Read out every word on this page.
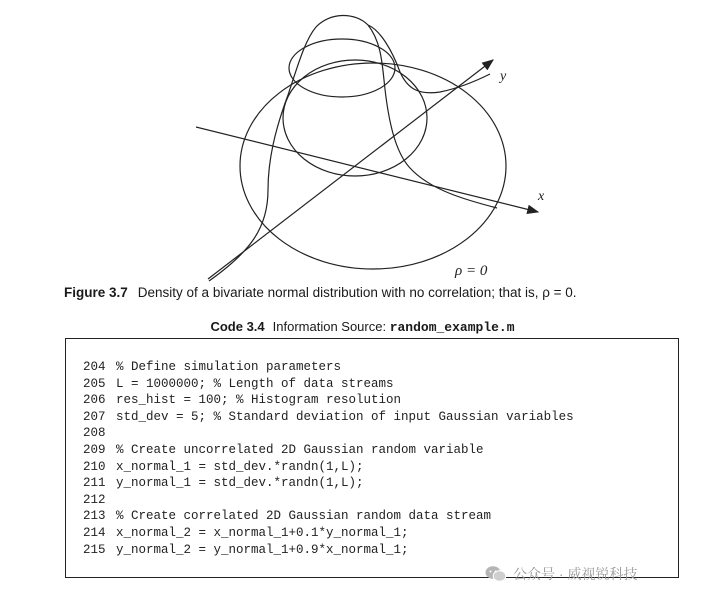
x
y
ρ = 0
Figure 3.7 Density of a bivariate normal distribution with no correlation; that is, ρ = 0.
Code 3.4 Information Source: random_example.m
204 % Define simulation parameters
205 L = 1000000; % Length of data streams
206 res_hist = 100; % Histogram resolution
207 std_dev = 5; % Standard deviation of input Gaussian variables
208
209 % Create uncorrelated 2D Gaussian random variable
210 x_normal_1 = std_dev.*randn(1,L);
211 y_normal_1 = std_dev.*randn(1,L);
212
213 % Create correlated 2D Gaussian random data stream
214 x_normal_2 = x_normal_1+0.1*y_normal_1;
215 y_normal_2 = y_normal_1+0.9*x_normal_1;
公众号 · 威视锐科技
